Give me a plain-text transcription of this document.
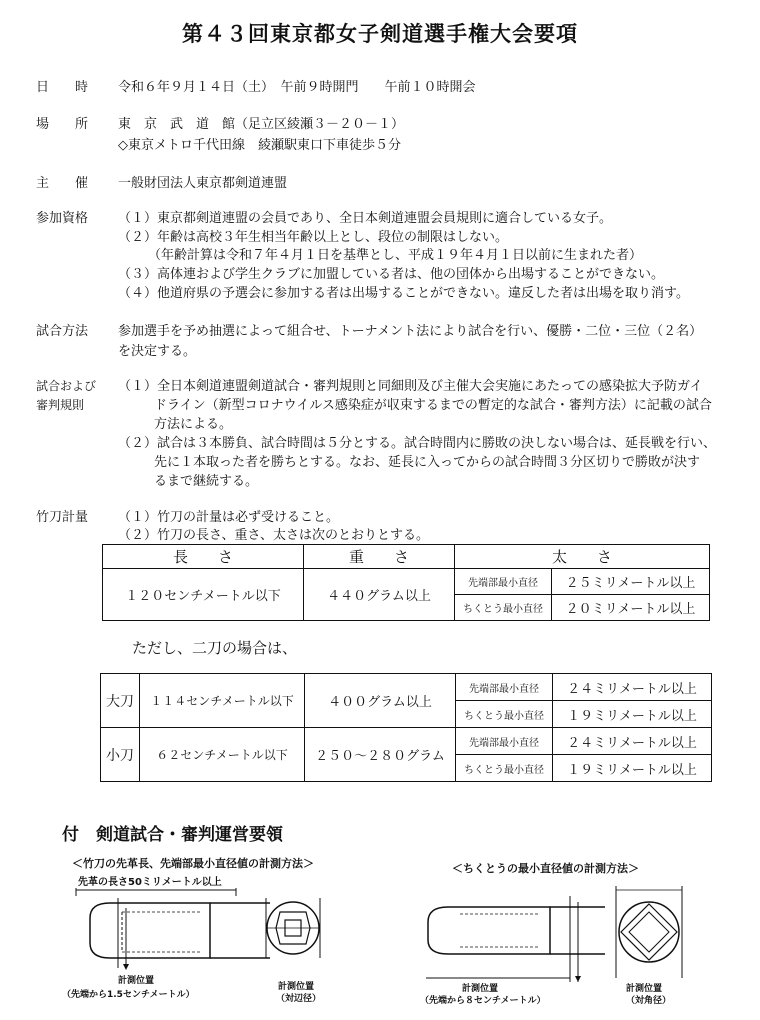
第４３回東京都女子剣道選手権大会要項
日　　時 令和６年９月１４日（土）　午前９時開門　　午前１０時開会
場　　所 東　京　武　道　館（足立区綾瀬３－２０－１）
◇東京メトロ千代田線　綾瀬駅東口下車徒歩５分
主　　催 一般財団法人東京都剣道連盟
参加資格 （１）東京都剣道連盟の会員であり、全日本剣道連盟会員規則に適合している女子。
（２）年齢は高校３年生相当年齢以上とし、段位の制限はしない。
（年齢計算は令和７年４月１日を基準とし、平成１９年４月１日以前に生まれた者）
（３）高体連および学生クラブに加盟している者は、他の団体から出場することができない。
（４）他道府県の予選会に参加する者は出場することができない。違反した者は出場を取り消す。
試合方法 参加選手を予め抽選によって組合せ、トーナメント法により試合を行い、優勝・二位・三位（２名）
を決定する。
試合および
審判規則
（１）全日本剣道連盟剣道試合・審判規則と同細則及び主催大会実施にあたっての感染拡大予防ガイ
ドライン（新型コロナウイルス感染症が収束するまでの暫定的な試合・審判方法）に記載の試合
方法による。
（２）試合は３本勝負、試合時間は５分とする。試合時間内に勝敗の決しない場合は、延長戦を行い、
先に１本取った者を勝ちとする。なお、延長に入ってからの試合時間３分区切りで勝敗が決す
るまで継続する。
竹刀計量 （１）竹刀の計量は必ず受けること。
（２）竹刀の長さ、重さ、太さは次のとおりとする。
長　　さ	重　　さ	太　　さ	
１２０センチメートル以下	４４０グラム以上	先端部最小直径	２５ミリメートル以上
		ちくとう最小直径	２０ミリメートル以上
ただし、二刀の場合は、
大刀	１１４センチメートル以下	４００グラム以上	先端部最小直径	２４ミリメートル以上
			ちくとう最小直径	１９ミリメートル以上
小刀	６２センチメートル以下	２５０～２８０グラム	先端部最小直径	２４ミリメートル以上
			ちくとう最小直径	１９ミリメートル以上
付　剣道試合・審判運営要領
＜竹刀の先革長、先端部最小直径値の計測方法＞
先革の長さ50ミリメートル以上
計測位置
（先端から1.5センチメートル）
計測位置
（対辺径）
＜ちくとうの最小直径値の計測方法＞
計測位置
（先端から８センチメートル）
計測位置
（対角径）
